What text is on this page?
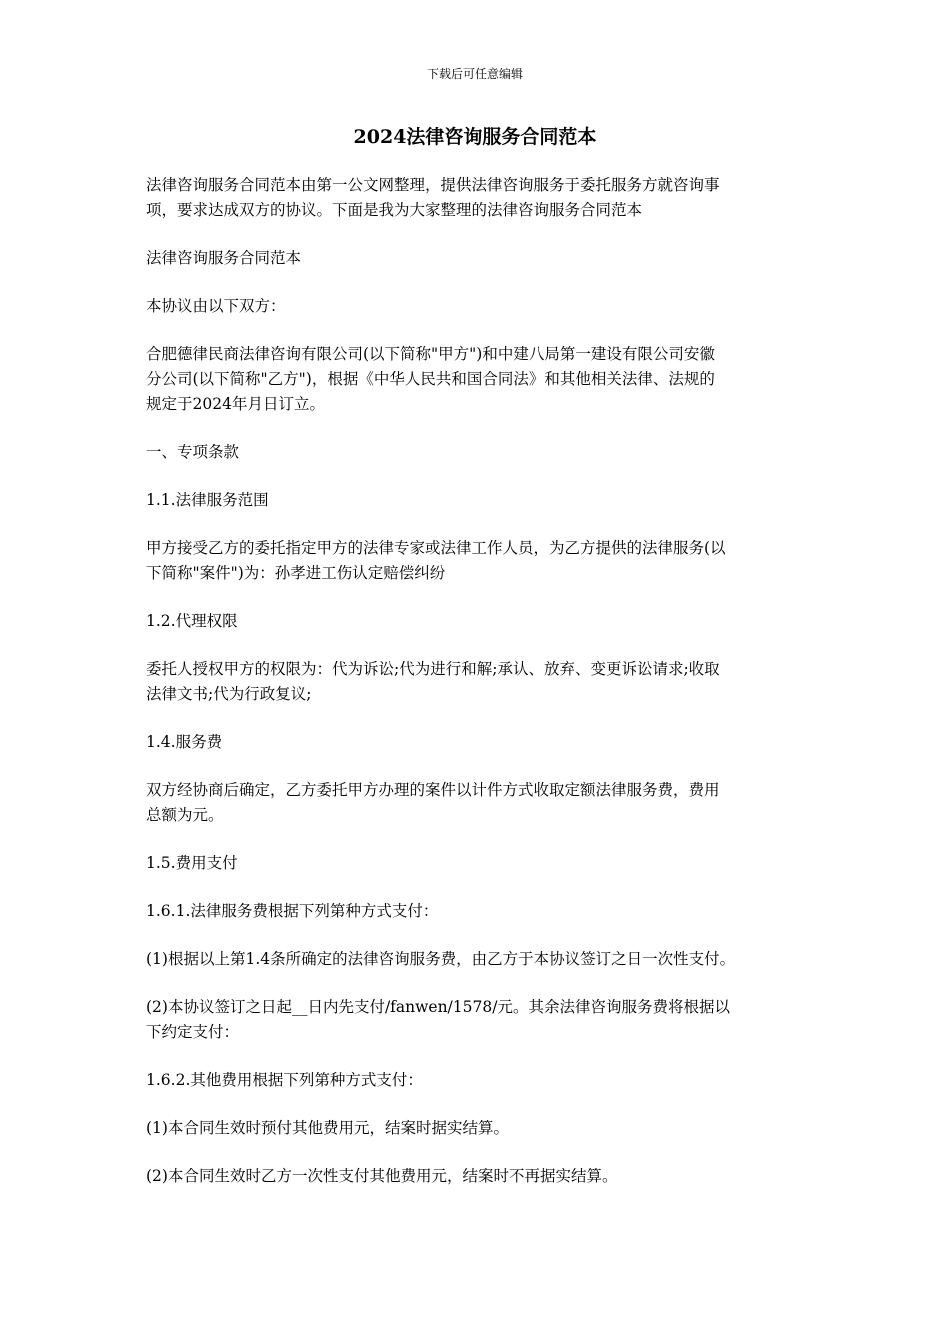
下载后可任意编辑
2024法律咨询服务合同范本

法律咨询服务合同范本由第一公文网整理，提供法律咨询服务于委托服务方就咨询事
项，要求达成双方的协议。下面是我为大家整理的法律咨询服务合同范本

法律咨询服务合同范本

本协议由以下双方：

合肥德律民商法律咨询有限公司(以下简称"甲方")和中建八局第一建设有限公司安徽
分公司(以下简称"乙方")，根据《中华人民共和国合同法》和其他相关法律、法规的
规定于2024年月日订立。

一、专项条款

1.1.法律服务范围

甲方接受乙方的委托指定甲方的法律专家或法律工作人员，为乙方提供的法律服务(以
下简称"案件")为：孙孝进工伤认定赔偿纠纷

1.2.代理权限

委托人授权甲方的权限为：代为诉讼;代为进行和解;承认、放弃、变更诉讼请求;收取
法律文书;代为行政复议;

1.4.服务费

双方经协商后确定，乙方委托甲方办理的案件以计件方式收取定额法律服务费，费用
总额为元。

1.5.费用支付

1.6.1.法律服务费根据下列第种方式支付：

(1)根据以上第1.4条所确定的法律咨询服务费，由乙方于本协议签订之日一次性支付。

(2)本协议签订之日起__日内先支付/fanwen/1578/元。其余法律咨询服务费将根据以
下约定支付：

1.6.2.其他费用根据下列第种方式支付：

(1)本合同生效时预付其他费用元，结案时据实结算。

(2)本合同生效时乙方一次性支付其他费用元，结案时不再据实结算。
